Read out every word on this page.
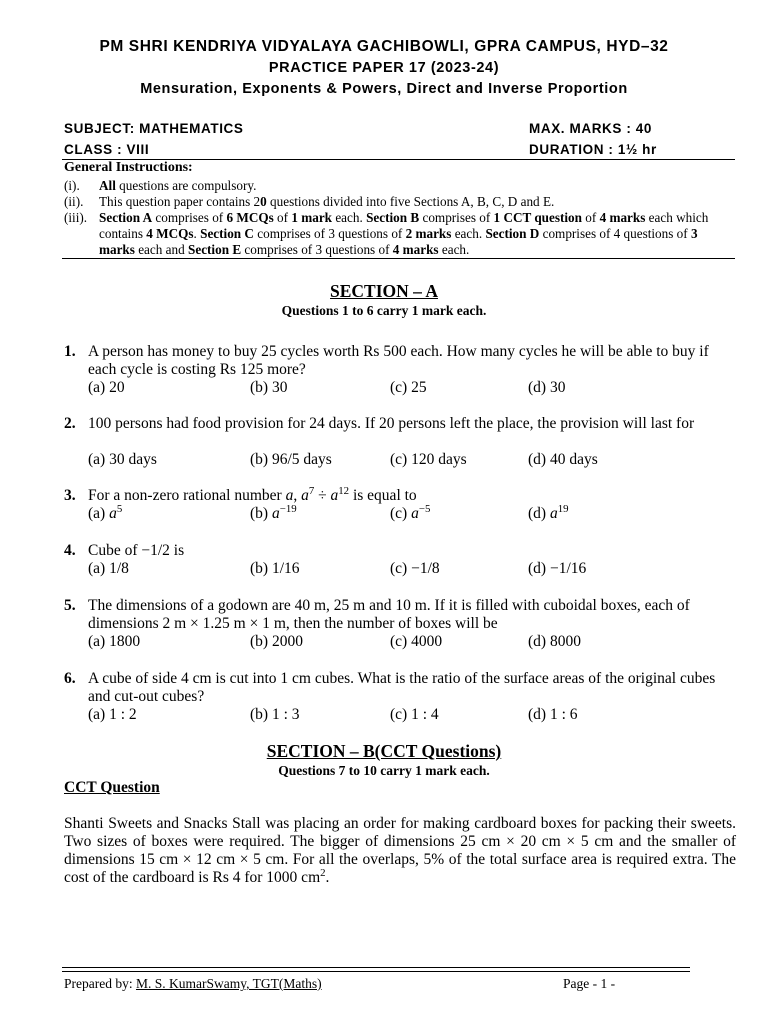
PM SHRI KENDRIYA VIDYALAYA GACHIBOWLI, GPRA CAMPUS, HYD–32
PRACTICE PAPER 17 (2023-24)
Mensuration, Exponents & Powers, Direct and Inverse Proportion
SUBJECT: MATHEMATICS	MAX. MARKS : 40
CLASS : VIII	DURATION : 1½ hr
General Instructions:
(i). All questions are compulsory.
(ii). This question paper contains 20 questions divided into five Sections A, B, C, D and E.
(iii). Section A comprises of 6 MCQs of 1 mark each. Section B comprises of 1 CCT question of 4 marks each which contains 4 MCQs. Section C comprises of 3 questions of 2 marks each. Section D comprises of 4 questions of 3 marks each and Section E comprises of 3 questions of 4 marks each.
SECTION – A
Questions 1 to 6 carry 1 mark each.
1. A person has money to buy 25 cycles worth Rs 500 each. How many cycles he will be able to buy if each cycle is costing Rs 125 more?
(a) 20	(b) 30	(c) 25	(d) 30
2. 100 persons had food provision for 24 days. If 20 persons left the place, the provision will last for
(a) 30 days	(b) 96/5 days	(c) 120 days	(d) 40 days
3. For a non-zero rational number a, $a^7 \div a^{12}$ is equal to
(a) $a^5$	(b) $a^{-19}$	(c) $a^{-5}$	(d) $a^{19}$
4. Cube of −1/2 is
(a) 1/8	(b) 1/16	(c) −1/8	(d) −1/16
5. The dimensions of a godown are 40 m, 25 m and 10 m. If it is filled with cuboidal boxes, each of dimensions 2 m × 1.25 m × 1 m, then the number of boxes will be
(a) 1800	(b) 2000	(c) 4000	(d) 8000
6. A cube of side 4 cm is cut into 1 cm cubes. What is the ratio of the surface areas of the original cubes and cut-out cubes?
(a) 1 : 2	(b) 1 : 3	(c) 1 : 4	(d) 1 : 6
SECTION – B(CCT Questions)
Questions 7 to 10 carry 1 mark each.
CCT Question
Shanti Sweets and Snacks Stall was placing an order for making cardboard boxes for packing their sweets. Two sizes of boxes were required. The bigger of dimensions 25 cm × 20 cm × 5 cm and the smaller of dimensions 15 cm × 12 cm × 5 cm. For all the overlaps, 5% of the total surface area is required extra. The cost of the cardboard is Rs 4 for 1000 $cm^2$.
Prepared by: M. S. KumarSwamy, TGT(Maths)	Page - 1 -
